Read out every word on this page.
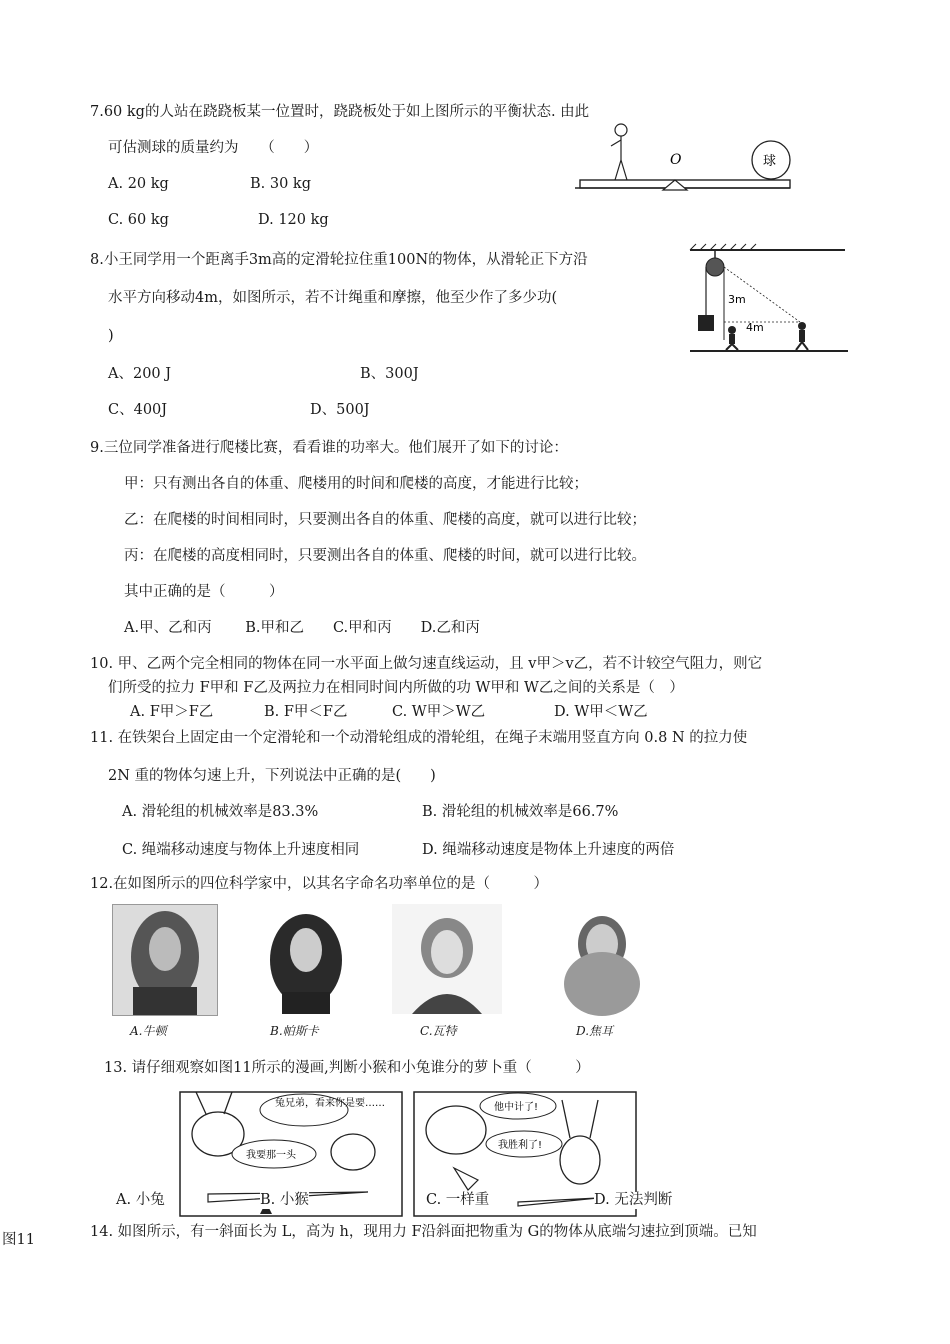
7.60 kg的人站在跷跷板某一位置时，跷跷板处于如上图所示的平衡状态. 由此
可估测球的质量约为　　（　　）
A. 20 kg	B. 30 kg
C. 60 kg	D. 120 kg
O	球
8.小王同学用一个距离手3m高的定滑轮拉住重100N的物体，从滑轮正下方沿
水平方向移动4m，如图所示，若不计绳重和摩擦，他至少作了多少功(
)
A、200 J	B、300J
C、400J	D、500J
3m
4m
9.三位同学准备进行爬楼比赛，看看谁的功率大。他们展开了如下的讨论：
甲：只有测出各自的体重、爬楼用的时间和爬楼的高度，才能进行比较；
乙：在爬楼的时间相同时，只要测出各自的体重、爬楼的高度，就可以进行比较；
丙：在爬楼的高度相同时，只要测出各自的体重、爬楼的时间，就可以进行比较。
其中正确的是（　　　）
A.甲、乙和丙　　 B.甲和乙　　C.甲和丙　　D.乙和丙
10. 甲、乙两个完全相同的物体在同一水平面上做匀速直线运动，且 v甲＞v乙，若不计较空气阻力，则它
们所受的拉力 F甲和 F乙及两拉力在相同时间内所做的功 W甲和 W乙之间的关系是（　）
A. F甲＞F乙	B. F甲＜F乙	C. W甲＞W乙	D. W甲＜W乙
11. 在铁架台上固定由一个定滑轮和一个动滑轮组成的滑轮组，在绳子末端用竖直方向 0.8 N 的拉力使
2N 重的物体匀速上升，下列说法中正确的是(　　)
A. 滑轮组的机械效率是83.3%	B. 滑轮组的机械效率是66.7%
C. 绳端移动速度与物体上升速度相同	D. 绳端移动速度是物体上升速度的两倍
12.在如图所示的四位科学家中，以其名字命名功率单位的是（　　　）
A.牛顿	B.帕斯卡	C.瓦特	D.焦耳
13. 请仔细观察如图11所示的漫画,判断小猴和小兔谁分的萝卜重（　　　）
兔兄弟，看来你是要……
我要那一头
他中计了!
我胜利了!
A. 小兔	B. 小猴	C. 一样重	D. 无法判断
图11	14. 如图所示，有一斜面长为 L，高为 h，现用力 F沿斜面把物重为 G的物体从底端匀速拉到顶端。已知
